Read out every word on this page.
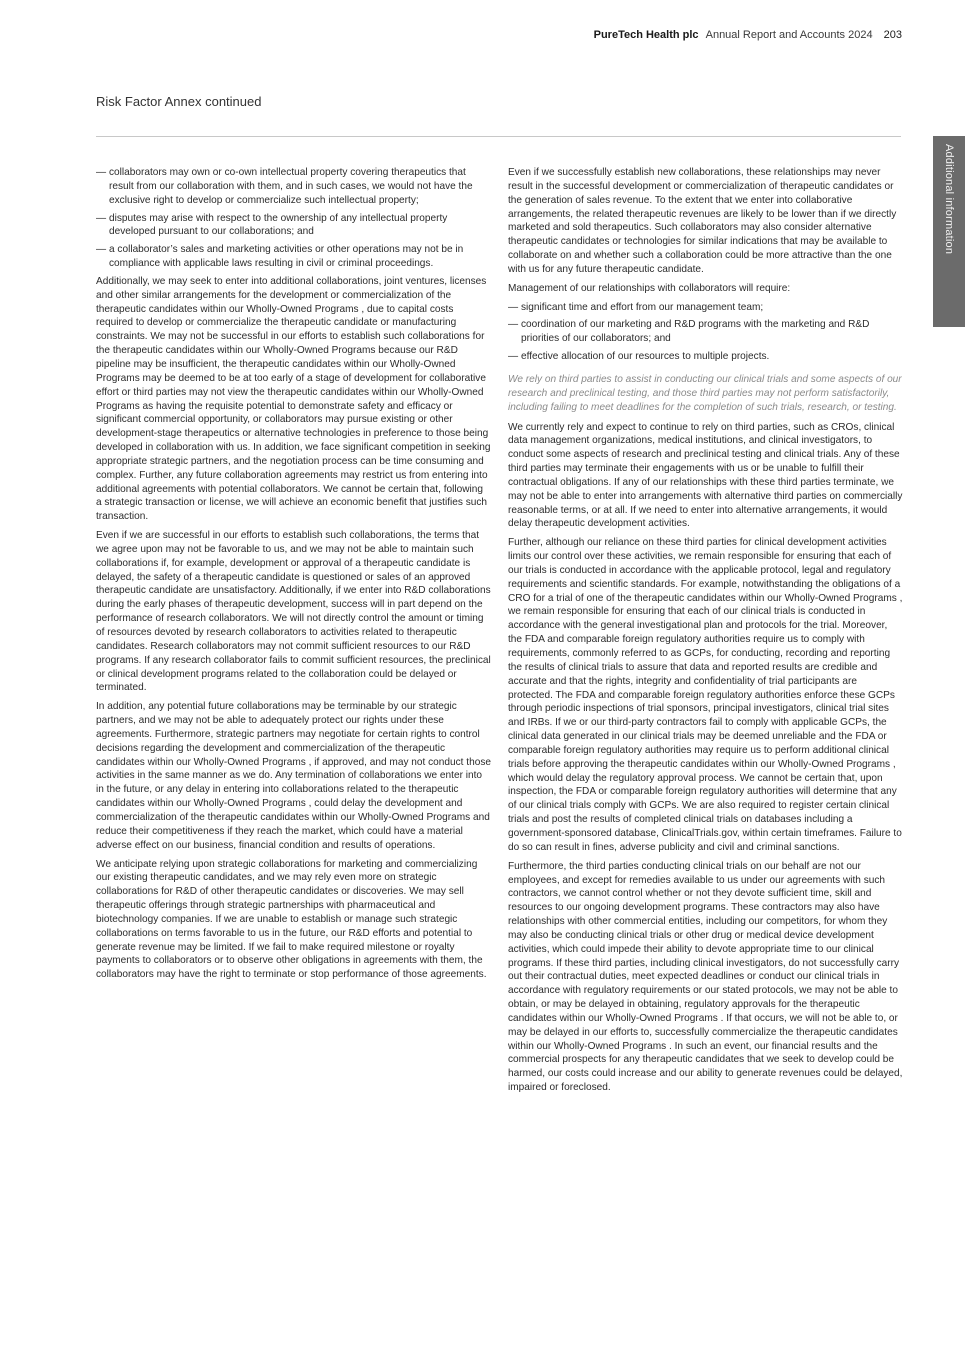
PureTech Health plc Annual Report and Accounts 2024 203
Risk Factor Annex continued
Additional information
— collaborators may own or co-own intellectual property covering therapeutics that result from our collaboration with them, and in such cases, we would not have the exclusive right to develop or commercialize such intellectual property;
— disputes may arise with respect to the ownership of any intellectual property developed pursuant to our collaborations; and
— a collaborator’s sales and marketing activities or other operations may not be in compliance with applicable laws resulting in civil or criminal proceedings.

Additionally, we may seek to enter into additional collaborations, joint ventures, licenses and other similar arrangements for the development or commercialization of the therapeutic candidates within our Wholly-Owned Programs , due to capital costs required to develop or commercialize the therapeutic candidate or manufacturing constraints. We may not be successful in our efforts to establish such collaborations for the therapeutic candidates within our Wholly-Owned Programs because our R&D pipeline may be insufficient, the therapeutic candidates within our Wholly-Owned Programs may be deemed to be at too early of a stage of development for collaborative effort or third parties may not view the therapeutic candidates within our Wholly-Owned Programs as having the requisite potential to demonstrate safety and efficacy or significant commercial opportunity, or collaborators may pursue existing or other development-stage therapeutics or alternative technologies in preference to those being developed in collaboration with us. In addition, we face significant competition in seeking appropriate strategic partners, and the negotiation process can be time consuming and complex. Further, any future collaboration agreements may restrict us from entering into additional agreements with potential collaborators. We cannot be certain that, following a strategic transaction or license, we will achieve an economic benefit that justifies such transaction.

Even if we are successful in our efforts to establish such collaborations, the terms that we agree upon may not be favorable to us, and we may not be able to maintain such collaborations if, for example, development or approval of a therapeutic candidate is delayed, the safety of a therapeutic candidate is questioned or sales of an approved therapeutic candidate are unsatisfactory. Additionally, if we enter into R&D collaborations during the early phases of therapeutic development, success will in part depend on the performance of research collaborators. We will not directly control the amount or timing of resources devoted by research collaborators to activities related to therapeutic candidates. Research collaborators may not commit sufficient resources to our R&D programs. If any research collaborator fails to commit sufficient resources, the preclinical or clinical development programs related to the collaboration could be delayed or terminated.

In addition, any potential future collaborations may be terminable by our strategic partners, and we may not be able to adequately protect our rights under these agreements. Furthermore, strategic partners may negotiate for certain rights to control decisions regarding the development and commercialization of the therapeutic candidates within our Wholly-Owned Programs , if approved, and may not conduct those activities in the same manner as we do. Any termination of collaborations we enter into in the future, or any delay in entering into collaborations related to the therapeutic candidates within our Wholly-Owned Programs , could delay the development and commercialization of the therapeutic candidates within our Wholly-Owned Programs and reduce their competitiveness if they reach the market, which could have a material adverse effect on our business, financial condition and results of operations.

We anticipate relying upon strategic collaborations for marketing and commercializing our existing therapeutic candidates, and we may rely even more on strategic collaborations for R&D of other therapeutic candidates or discoveries. We may sell therapeutic offerings through strategic partnerships with pharmaceutical and biotechnology companies. If we are unable to establish or manage such strategic collaborations on terms favorable to us in the future, our R&D efforts and potential to generate revenue may be limited. If we fail to make required milestone or royalty payments to collaborators or to observe other obligations in agreements with them, the collaborators may have the right to terminate or stop performance of those agreements.

Even if we successfully establish new collaborations, these relationships may never result in the successful development or commercialization of therapeutic candidates or the generation of sales revenue. To the extent that we enter into collaborative arrangements, the related therapeutic revenues are likely to be lower than if we directly marketed and sold therapeutics. Such collaborators may also consider alternative therapeutic candidates or technologies for similar indications that may be available to collaborate on and whether such a collaboration could be more attractive than the one with us for any future therapeutic candidate.

Management of our relationships with collaborators will require:

— significant time and effort from our management team;
— coordination of our marketing and R&D programs with the marketing and R&D priorities of our collaborators; and
— effective allocation of our resources to multiple projects.

We rely on third parties to assist in conducting our clinical trials and some aspects of our research and preclinical testing, and those third parties may not perform satisfactorily, including failing to meet deadlines for the completion of such trials, research, or testing.

We currently rely and expect to continue to rely on third parties, such as CROs, clinical data management organizations, medical institutions, and clinical investigators, to conduct some aspects of research and preclinical testing and clinical trials. Any of these third parties may terminate their engagements with us or be unable to fulfill their contractual obligations. If any of our relationships with these third parties terminate, we may not be able to enter into arrangements with alternative third parties on commercially reasonable terms, or at all. If we need to enter into alternative arrangements, it would delay therapeutic development activities.

Further, although our reliance on these third parties for clinical development activities limits our control over these activities, we remain responsible for ensuring that each of our trials is conducted in accordance with the applicable protocol, legal and regulatory requirements and scientific standards. For example, notwithstanding the obligations of a CRO for a trial of one of the therapeutic candidates within our Wholly-Owned Programs , we remain responsible for ensuring that each of our clinical trials is conducted in accordance with the general investigational plan and protocols for the trial. Moreover, the FDA and comparable foreign regulatory authorities require us to comply with requirements, commonly referred to as GCPs, for conducting, recording and reporting the results of clinical trials to assure that data and reported results are credible and accurate and that the rights, integrity and confidentiality of trial participants are protected. The FDA and comparable foreign regulatory authorities enforce these GCPs through periodic inspections of trial sponsors, principal investigators, clinical trial sites and IRBs. If we or our third-party contractors fail to comply with applicable GCPs, the clinical data generated in our clinical trials may be deemed unreliable and the FDA or comparable foreign regulatory authorities may require us to perform additional clinical trials before approving the therapeutic candidates within our Wholly-Owned Programs , which would delay the regulatory approval process. We cannot be certain that, upon inspection, the FDA or comparable foreign regulatory authorities will determine that any of our clinical trials comply with GCPs. We are also required to register certain clinical trials and post the results of completed clinical trials on databases including a government-sponsored database, ClinicalTrials.gov, within certain timeframes. Failure to do so can result in fines, adverse publicity and civil and criminal sanctions.

Furthermore, the third parties conducting clinical trials on our behalf are not our employees, and except for remedies available to us under our agreements with such contractors, we cannot control whether or not they devote sufficient time, skill and resources to our ongoing development programs. These contractors may also have relationships with other commercial entities, including our competitors, for whom they may also be conducting clinical trials or other drug or medical device development activities, which could impede their ability to devote appropriate time to our clinical programs. If these third parties, including clinical investigators, do not successfully carry out their contractual duties, meet expected deadlines or conduct our clinical trials in accordance with regulatory requirements or our stated protocols, we may not be able to obtain, or may be delayed in obtaining, regulatory approvals for the therapeutic candidates within our Wholly-Owned Programs . If that occurs, we will not be able to, or may be delayed in our efforts to, successfully commercialize the therapeutic candidates within our Wholly-Owned Programs . In such an event, our financial results and the commercial prospects for any therapeutic candidates that we seek to develop could be harmed, our costs could increase and our ability to generate revenues could be delayed, impaired or foreclosed.
